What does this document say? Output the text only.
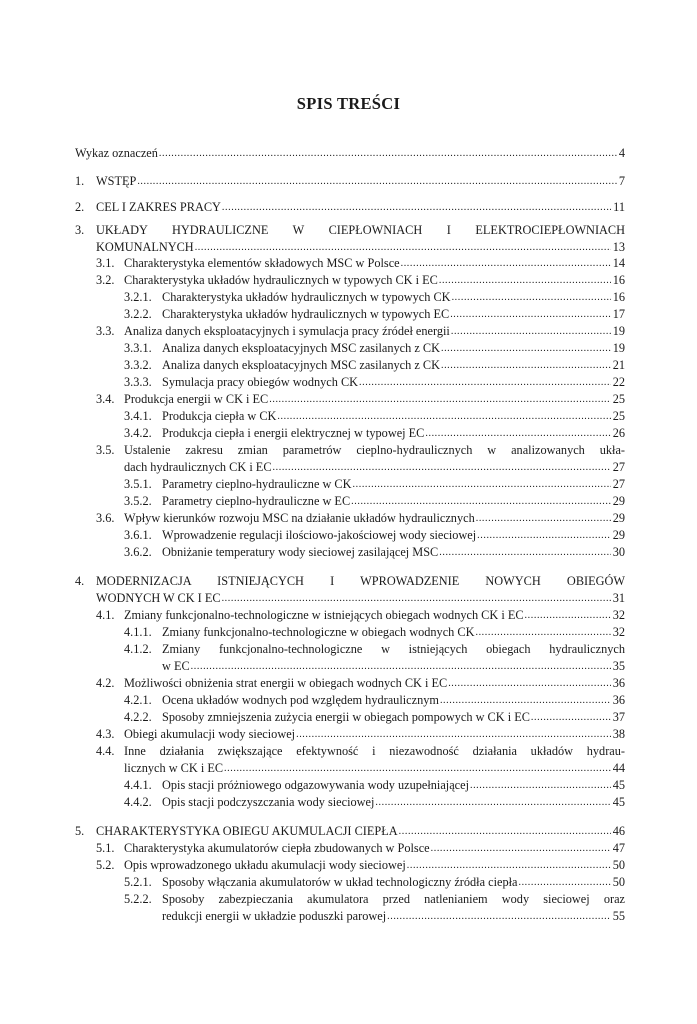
SPIS TREŚCI
Wykaz oznaczeń .....	4
1. WSTĘP .....	7
2. CEL I ZAKRES PRACY .....	11
3. UKŁADY HYDRAULICZNE W CIEPŁOWNIACH I ELEKTROCIEPŁOWNIACH
KOMUNALNYCH .....	13
3.1. Charakterystyka elementów składowych MSC w Polsce .....	14
3.2. Charakterystyka układów hydraulicznych w typowych CK i EC .....	16
3.2.1. Charakterystyka układów hydraulicznych w typowych CK .....	16
3.2.2. Charakterystyka układów hydraulicznych w typowych EC .....	17
3.3. Analiza danych eksploatacyjnych i symulacja pracy źródeł energii .....	19
3.3.1. Analiza danych eksploatacyjnych MSC zasilanych z CK .....	19
3.3.2. Analiza danych eksploatacyjnych MSC zasilanych z CK .....	21
3.3.3. Symulacja pracy obiegów wodnych CK .....	22
3.4. Produkcja energii w CK i EC .....	25
3.4.1. Produkcja ciepła w CK .....	25
3.4.2. Produkcja ciepła i energii elektrycznej w typowej EC .....	26
3.5. Ustalenie zakresu zmian parametrów cieplno-hydraulicznych w analizowanych ukła-
dach hydraulicznych CK i EC .....	27
3.5.1. Parametry cieplno-hydrauliczne w CK .....	27
3.5.2. Parametry cieplno-hydrauliczne w EC .....	29
3.6. Wpływ kierunków rozwoju MSC na działanie układów hydraulicznych .....	29
3.6.1. Wprowadzenie regulacji ilościowo-jakościowej wody sieciowej .....	29
3.6.2. Obniżanie temperatury wody sieciowej zasilającej MSC .....	30
4. MODERNIZACJA ISTNIEJĄCYCH I WPROWADZENIE NOWYCH OBIEGÓW
WODNYCH W CK I EC .....	31
4.1. Zmiany funkcjonalno-technologiczne w istniejących obiegach wodnych CK i EC .....	32
4.1.1. Zmiany funkcjonalno-technologiczne w obiegach wodnych CK .....	32
4.1.2. Zmiany funkcjonalno-technologiczne w istniejących obiegach hydraulicznych
w EC .....	35
4.2. Możliwości obniżenia strat energii w obiegach wodnych CK i EC .....	36
4.2.1. Ocena układów wodnych pod względem hydraulicznym .....	36
4.2.2. Sposoby zmniejszenia zużycia energii w obiegach pompowych w CK i EC .....	37
4.3. Obiegi akumulacji wody sieciowej .....	38
4.4. Inne działania zwiększające efektywność i niezawodność działania układów hydrau-
licznych w CK i EC .....	44
4.4.1. Opis stacji próżniowego odgazowywania wody uzupełniającej .....	45
4.4.2. Opis stacji podczyszczania wody sieciowej .....	45
5. CHARAKTERYSTYKA OBIEGU AKUMULACJI CIEPŁA .....	46
5.1. Charakterystyka akumulatorów ciepła zbudowanych w Polsce .....	47
5.2. Opis wprowadzonego układu akumulacji wody sieciowej .....	50
5.2.1. Sposoby włączania akumulatorów w układ technologiczny źródła ciepła .....	50
5.2.2. Sposoby zabezpieczania akumulatora przed natlenianiem wody sieciowej oraz
redukcji energii w układzie poduszki parowej .....	55
